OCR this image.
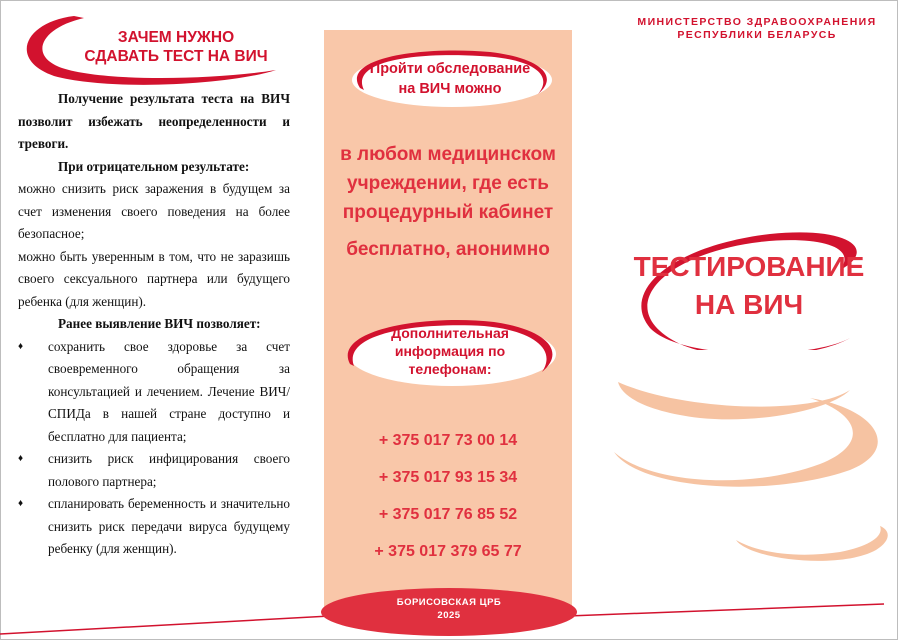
ЗАЧЕМ НУЖНО
СДАВАТЬ ТЕСТ НА ВИЧ
Получение результата теста на ВИЧ позволит избежать неопределенности и тревоги.
При отрицательном результате:
можно снизить риск заражения в будущем за счет изменения своего поведения на более безопасное;
можно быть уверенным в том, что не заразишь своего сексуального партнера или будущего ребенка (для женщин).
Ранее выявление ВИЧ позволяет:
♦ сохранить свое здоровье за счет своевременного обращения за консультацией и лечением. Лечение ВИЧ/СПИДа в нашей стране доступно и бесплатно для пациента;
♦ снизить риск инфицирования своего полового партнера;
♦ спланировать беременность и значительно снизить риск передачи вируса будущему ребенку (для женщин).
Пройти обследование
на ВИЧ можно
в любом медицинском
учреждении, где есть
процедурный кабинет
бесплатно, анонимно
Дополнительная
информация по
телефонам:
+ 375 017 73 00 14
+ 375 017 93 15 34
+ 375 017 76 85 52
+ 375 017 379 65 77
БОРИСОВСКАЯ ЦРБ
2025
МИНИСТЕРСТВО ЗДРАВООХРАНЕНИЯ
РЕСПУБЛИКИ БЕЛАРУСЬ
ТЕСТИРОВАНИЕ
НА ВИЧ
